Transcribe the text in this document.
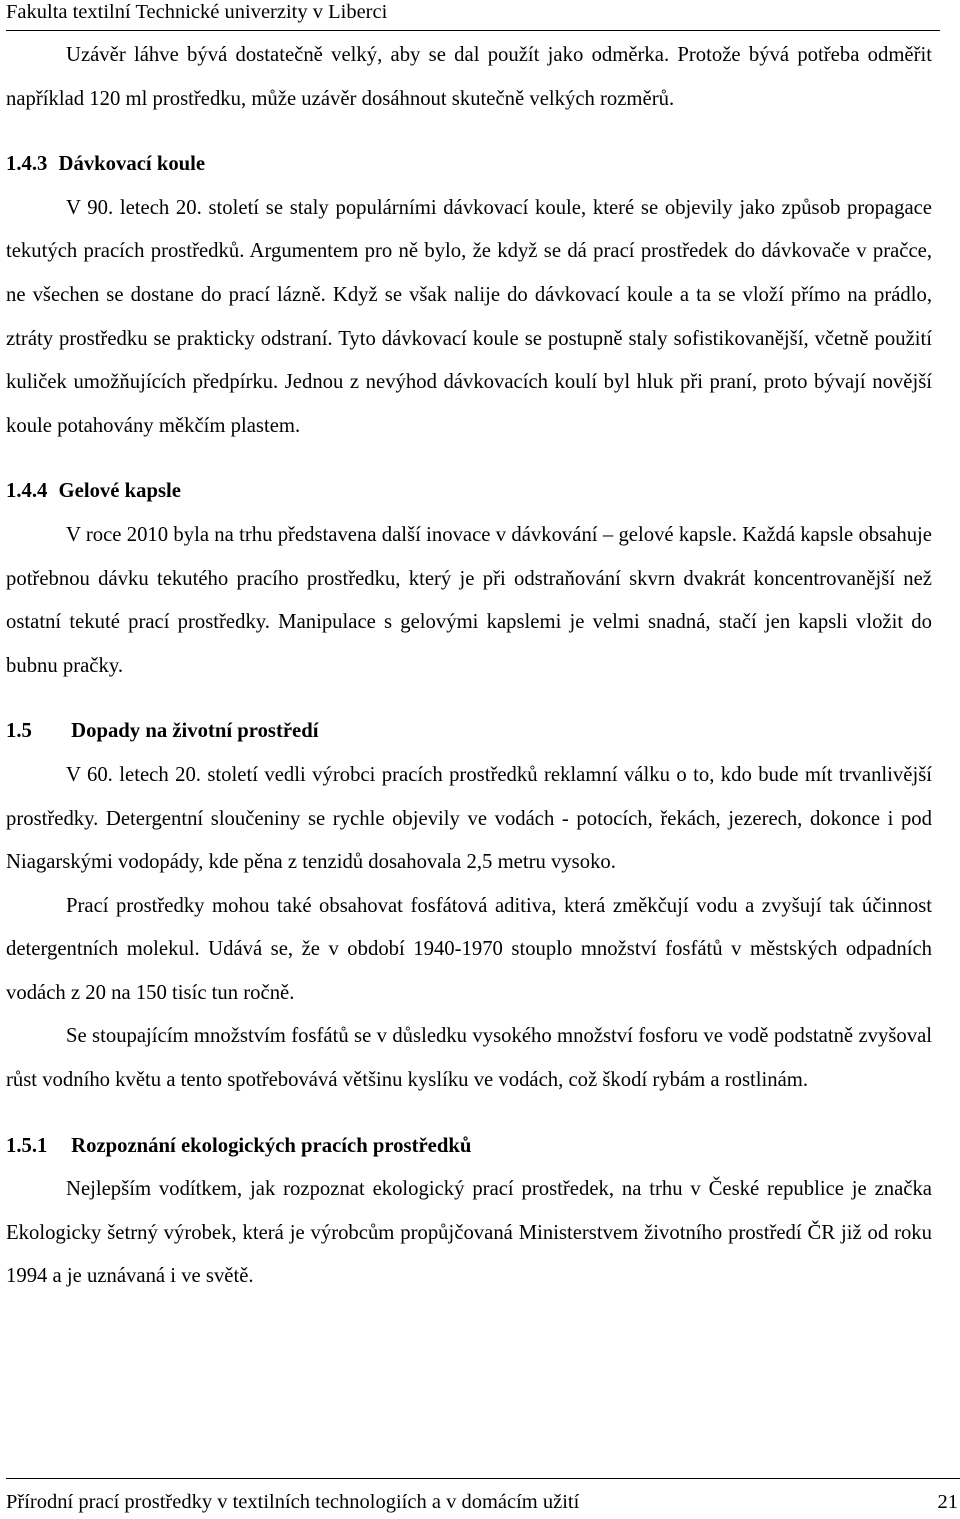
Fakulta textilní Technické univerzity v Liberci

Uzávěr láhve bývá dostatečně velký, aby se dal použít jako odměrka. Protože bývá potřeba odměřit například 120 ml prostředku, může uzávěr dosáhnout skutečně velkých rozměrů.

1.4.3 Dávkovací koule

V 90. letech 20. století se staly populárními dávkovací koule, které se objevily jako způsob propagace tekutých pracích prostředků. Argumentem pro ně bylo, že když se dá prací prostředek do dávkovače v pračce, ne všechen se dostane do prací lázně. Když se však nalije do dávkovací koule a ta se vloží přímo na prádlo, ztráty prostředku se prakticky odstraní. Tyto dávkovací koule se postupně staly sofistikovanější, včetně použití kuliček umožňujících předpírku. Jednou z nevýhod dávkovacích koulí byl hluk při praní, proto bývají novější koule potahovány měkčím plastem.

1.4.4 Gelové kapsle

V roce 2010 byla na trhu představena další inovace v dávkování – gelové kapsle. Každá kapsle obsahuje potřebnou dávku tekutého pracího prostředku, který je při odstraňování skvrn dvakrát koncentrovanější než ostatní tekuté prací prostředky. Manipulace s gelovými kapslemi je velmi snadná, stačí jen kapsli vložit do bubnu pračky.

1.5 Dopady na životní prostředí

V 60. letech 20. století vedli výrobci pracích prostředků reklamní válku o to, kdo bude mít trvanlivější prostředky. Detergentní sloučeniny se rychle objevily ve vodách - potocích, řekách, jezerech, dokonce i pod Niagarskými vodopády, kde pěna z tenzidů dosahovala 2,5 metru vysoko.

Prací prostředky mohou také obsahovat fosfátová aditiva, která změkčují vodu a zvyšují tak účinnost detergentních molekul. Udává se, že v období 1940-1970 stouplo množství fosfátů v městských odpadních vodách z 20 na 150 tisíc tun ročně.

Se stoupajícím množstvím fosfátů se v důsledku vysokého množství fosforu ve vodě podstatně zvyšoval růst vodního květu a tento spotřebovává většinu kyslíku ve vodách, což škodí rybám a rostlinám.

1.5.1 Rozpoznání ekologických pracích prostředků

Nejlepším vodítkem, jak rozpoznat ekologický prací prostředek, na trhu v České republice je značka Ekologicky šetrný výrobek, která je výrobcům propůjčovaná Ministerstvem životního prostředí ČR již od roku 1994 a je uznávaná i ve světě.

Přírodní prací prostředky v textilních technologiích a v domácím užití	21
